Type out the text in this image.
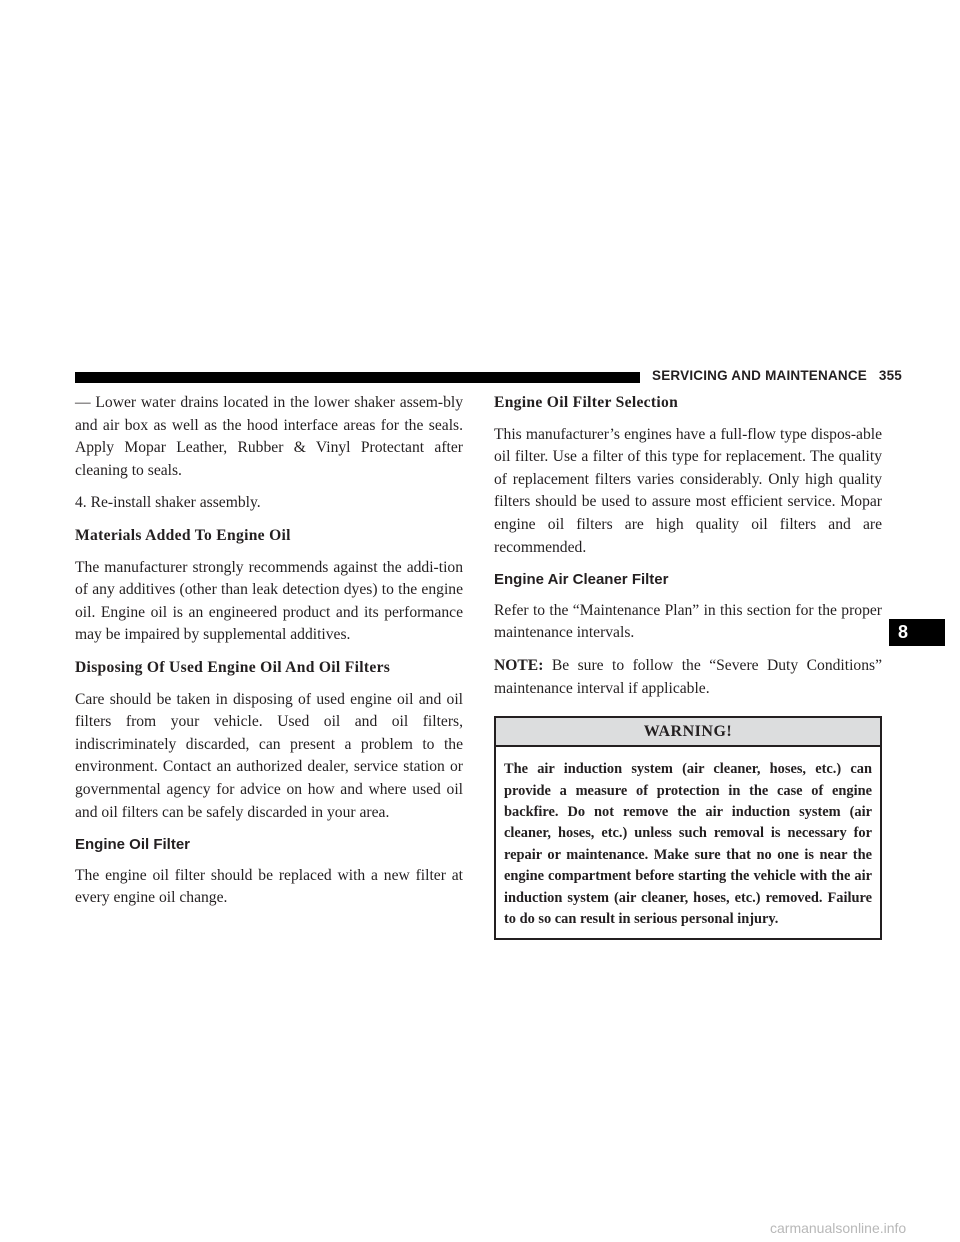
SERVICING AND MAINTENANCE 355

— Lower water drains located in the lower shaker assem-bly and air box as well as the hood interface areas for the seals. Apply Mopar Leather, Rubber & Vinyl Protectant after cleaning to seals.

4. Re-install shaker assembly.

Materials Added To Engine Oil

The manufacturer strongly recommends against the addi-tion of any additives (other than leak detection dyes) to the engine oil. Engine oil is an engineered product and its performance may be impaired by supplemental additives.

Disposing Of Used Engine Oil And Oil Filters

Care should be taken in disposing of used engine oil and oil filters from your vehicle. Used oil and oil filters, indiscriminately discarded, can present a problem to the environment. Contact an authorized dealer, service station or governmental agency for advice on how and where used oil and oil filters can be safely discarded in your area.

Engine Oil Filter

The engine oil filter should be replaced with a new filter at every engine oil change.

Engine Oil Filter Selection

This manufacturer’s engines have a full-flow type dispos-able oil filter. Use a filter of this type for replacement. The quality of replacement filters varies considerably. Only high quality filters should be used to assure most efficient service. Mopar engine oil filters are high quality oil filters and are recommended.

Engine Air Cleaner Filter

Refer to the “Maintenance Plan” in this section for the proper maintenance intervals.

NOTE: Be sure to follow the “Severe Duty Conditions” maintenance interval if applicable.

WARNING!
The air induction system (air cleaner, hoses, etc.) can provide a measure of protection in the case of engine backfire. Do not remove the air induction system (air cleaner, hoses, etc.) unless such removal is necessary for repair or maintenance. Make sure that no one is near the engine compartment before starting the vehicle with the air induction system (air cleaner, hoses, etc.) removed. Failure to do so can result in serious personal injury.
8
carmanualsonline.info
